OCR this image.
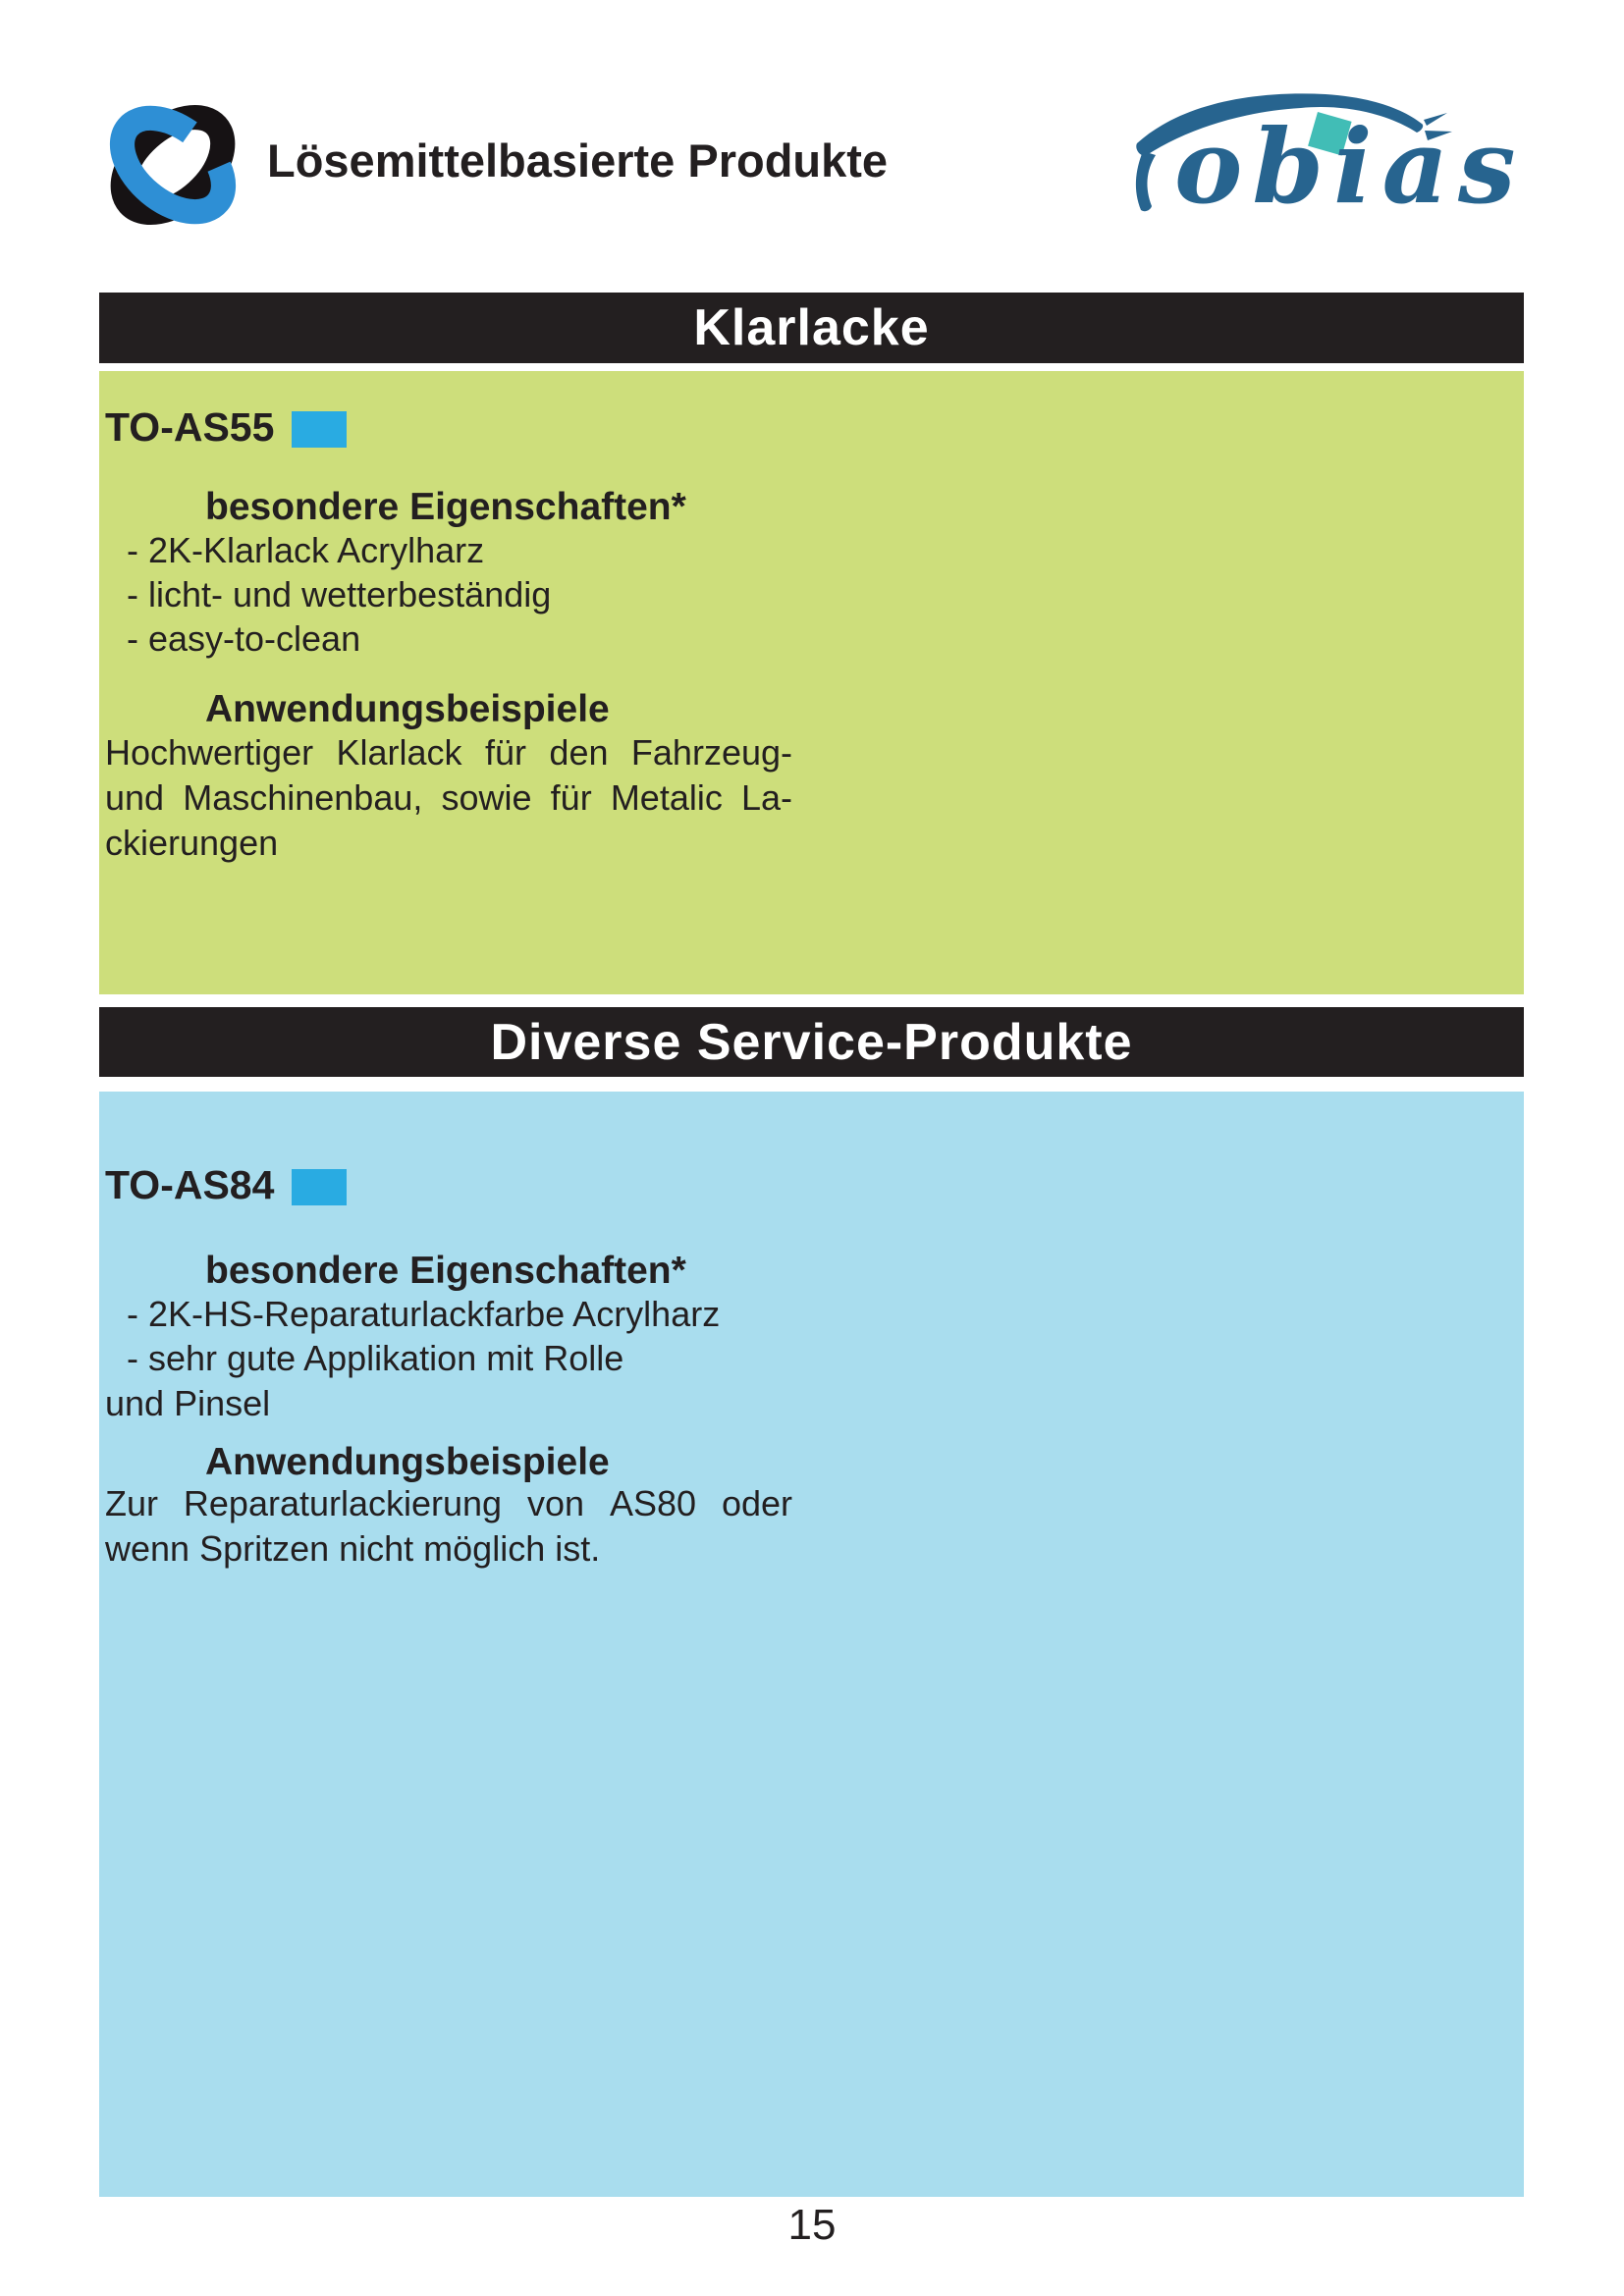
Lösemittelbasierte Produkte	obias
Klarlacke
TO-AS55
besondere Eigenschaften*
- 2K-Klarlack Acrylharz
- licht- und wetterbeständig
- easy-to-clean
Anwendungsbeispiele
Hochwertiger Klarlack für den Fahrzeug-
und Maschinenbau, sowie für Metalic La-
ckierungen
Diverse Service-Produkte
TO-AS84
besondere Eigenschaften*
- 2K-HS-Reparaturlackfarbe Acrylharz
- sehr gute Applikation mit Rolle
und Pinsel
Anwendungsbeispiele
Zur Reparaturlackierung von AS80 oder
wenn Spritzen nicht möglich ist.
15
